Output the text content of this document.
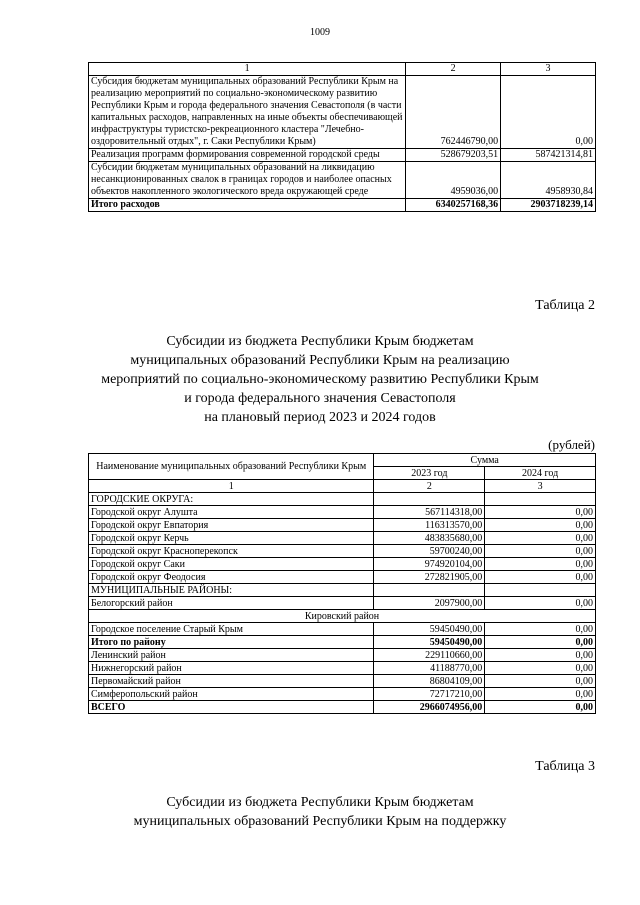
1009
1	2	3
Субсидия бюджетам муниципальных образований Республики Крым на реализацию мероприятий по социально-экономическому развитию Республики Крым и города федерального значения Севастополя (в части капитальных расходов, направленных на иные объекты обеспечивающей инфраструктуры туристско-рекреационного кластера "Лечебно-оздоровительный отдых", г. Саки Республики Крым)	762446790,00	0,00
Реализация программ формирования современной городской среды	528679203,51	587421314,81
Субсидии бюджетам муниципальных образований на ликвидацию несанкционированных свалок в границах городов и наиболее опасных объектов накопленного экологического вреда окружающей среде	4959036,00	4958930,84
Итого расходов	6340257168,36	2903718239,14
Таблица 2
Субсидии из бюджета Республики Крым бюджетам
муниципальных образований Республики Крым на реализацию
мероприятий по социально-экономическому развитию Республики Крым
и города федерального значения Севастополя
на плановый период 2023 и 2024 годов
(рублей)
Наименование муниципальных образований Республики Крым	Сумма	
	2023 год	2024 год
1	2	3
ГОРОДСКИЕ ОКРУГА:		
Городской округ Алушта	567114318,00	0,00
Городской округ Евпатория	116313570,00	0,00
Городской округ Керчь	483835680,00	0,00
Городской округ Красноперекопск	59700240,00	0,00
Городской округ Саки	974920104,00	0,00
Городской округ Феодосия	272821905,00	0,00
МУНИЦИПАЛЬНЫЕ РАЙОНЫ:		
Белогорский район	2097900,00	0,00
Кировский район		
Городское поселение Старый Крым	59450490,00	0,00
Итого по району	59450490,00	0,00
Ленинский район	229110660,00	0,00
Нижнегорский район	41188770,00	0,00
Первомайский район	86804109,00	0,00
Симферопольский район	72717210,00	0,00
ВСЕГО	2966074956,00	0,00
Таблица 3
Субсидии из бюджета Республики Крым бюджетам
муниципальных образований Республики Крым на поддержку
